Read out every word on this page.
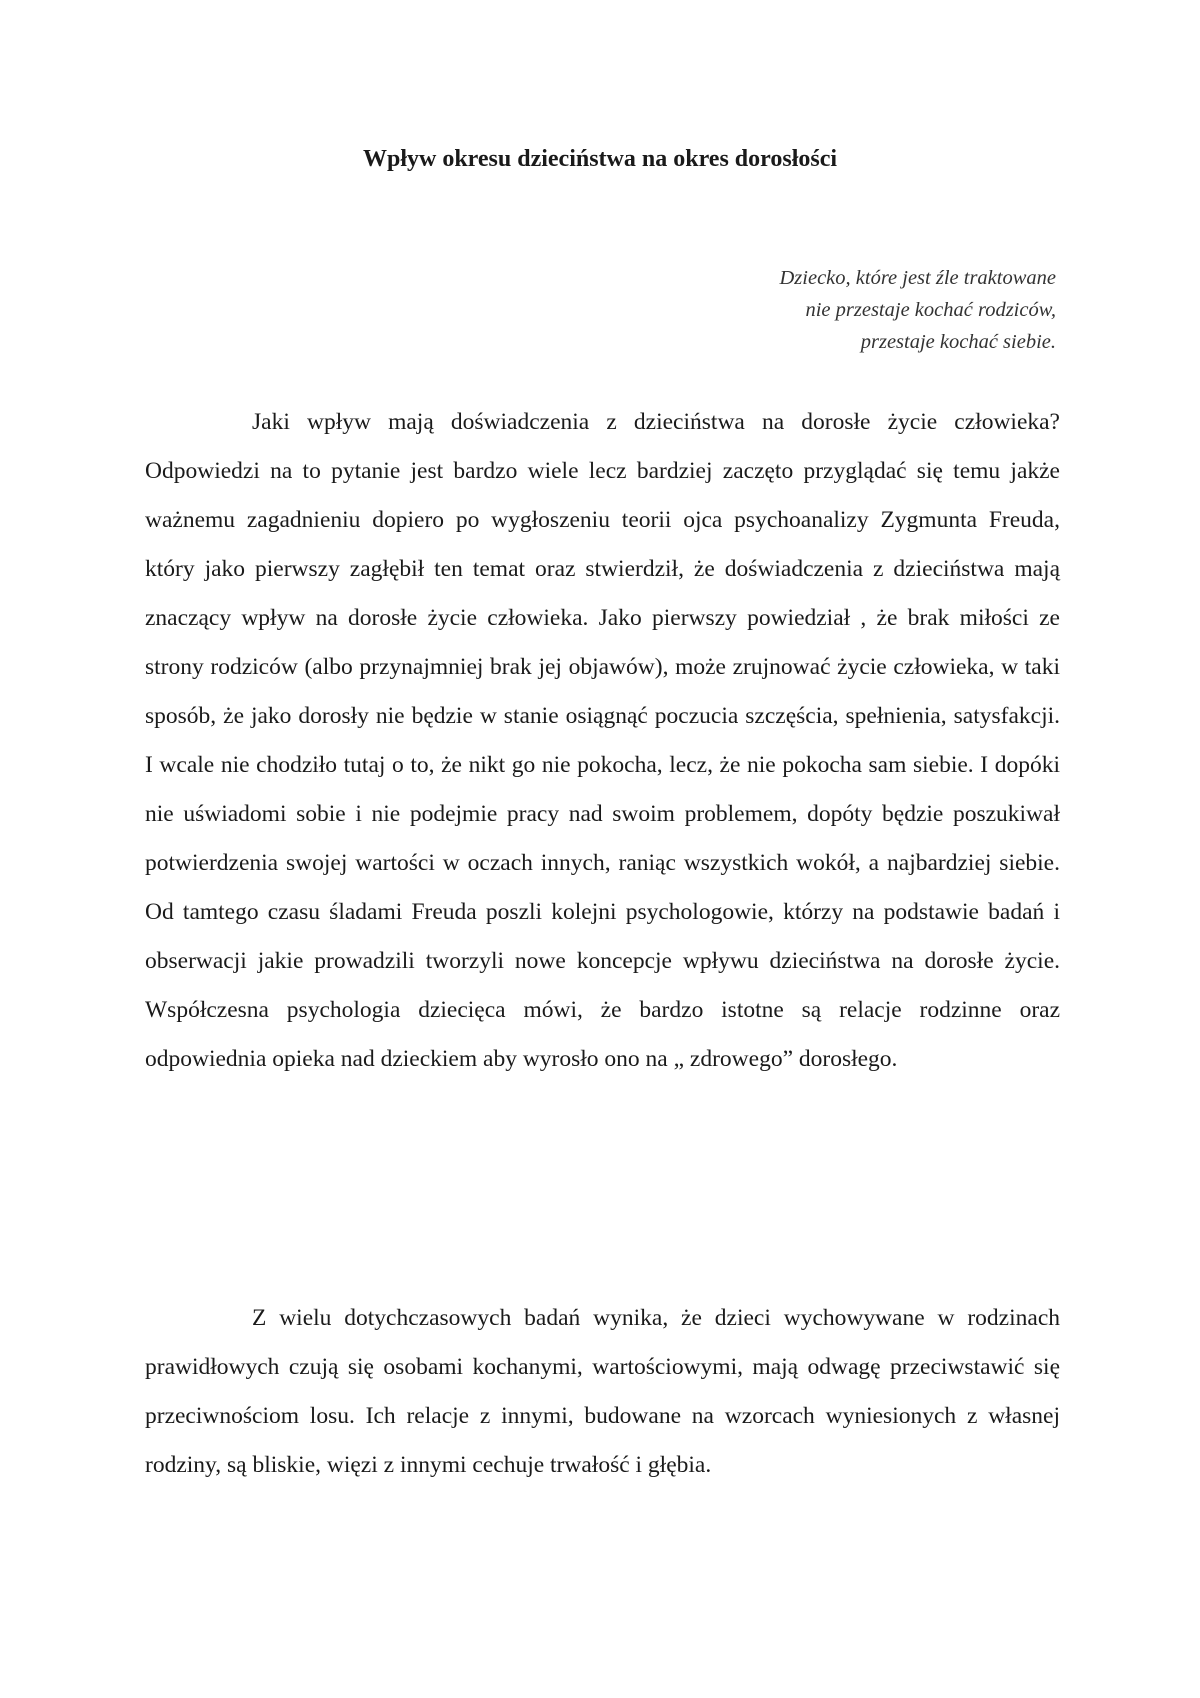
Wpływ okresu dzieciństwa na okres dorosłości
Dziecko, które jest źle traktowane
nie przestaje kochać rodziców,
przestaje kochać siebie.

Jaki wpływ mają doświadczenia z dzieciństwa na dorosłe życie człowieka? Odpowiedzi na to pytanie jest bardzo wiele lecz bardziej zaczęto przyglądać się temu jakże ważnemu zagadnieniu dopiero po wygłoszeniu teorii ojca psychoanalizy Zygmunta Freuda, który jako pierwszy zagłębił ten temat oraz stwierdził, że doświadczenia z dzieciństwa mają znaczący wpływ na dorosłe życie człowieka. Jako pierwszy powiedział , że brak miłości ze strony rodziców (albo przynajmniej brak jej objawów), może zrujnować życie człowieka, w taki sposób, że jako dorosły nie będzie w stanie osiągnąć poczucia szczęścia, spełnienia, satysfakcji. I wcale nie chodziło tutaj o to, że nikt go nie pokocha, lecz, że nie pokocha sam siebie. I dopóki nie uświadomi sobie i nie podejmie pracy nad swoim problemem, dopóty będzie poszukiwał potwierdzenia swojej wartości w oczach innych, raniąc wszystkich wokół, a najbardziej siebie. Od tamtego czasu śladami Freuda poszli kolejni psychologowie, którzy na podstawie badań i obserwacji jakie prowadzili tworzyli nowe koncepcje wpływu dzieciństwa na dorosłe życie. Współczesna psychologia dziecięca mówi, że bardzo istotne są relacje rodzinne oraz odpowiednia opieka nad dzieckiem aby wyrosło ono na „ zdrowego” dorosłego.

Z wielu dotychczasowych badań wynika, że dzieci wychowywane w rodzinach prawidłowych czują się osobami kochanymi, wartościowymi, mają odwagę przeciwstawić się przeciwnościom losu. Ich relacje z innymi, budowane na wzorcach wyniesionych z własnej rodziny, są bliskie, więzi z innymi cechuje trwałość i głębia.
